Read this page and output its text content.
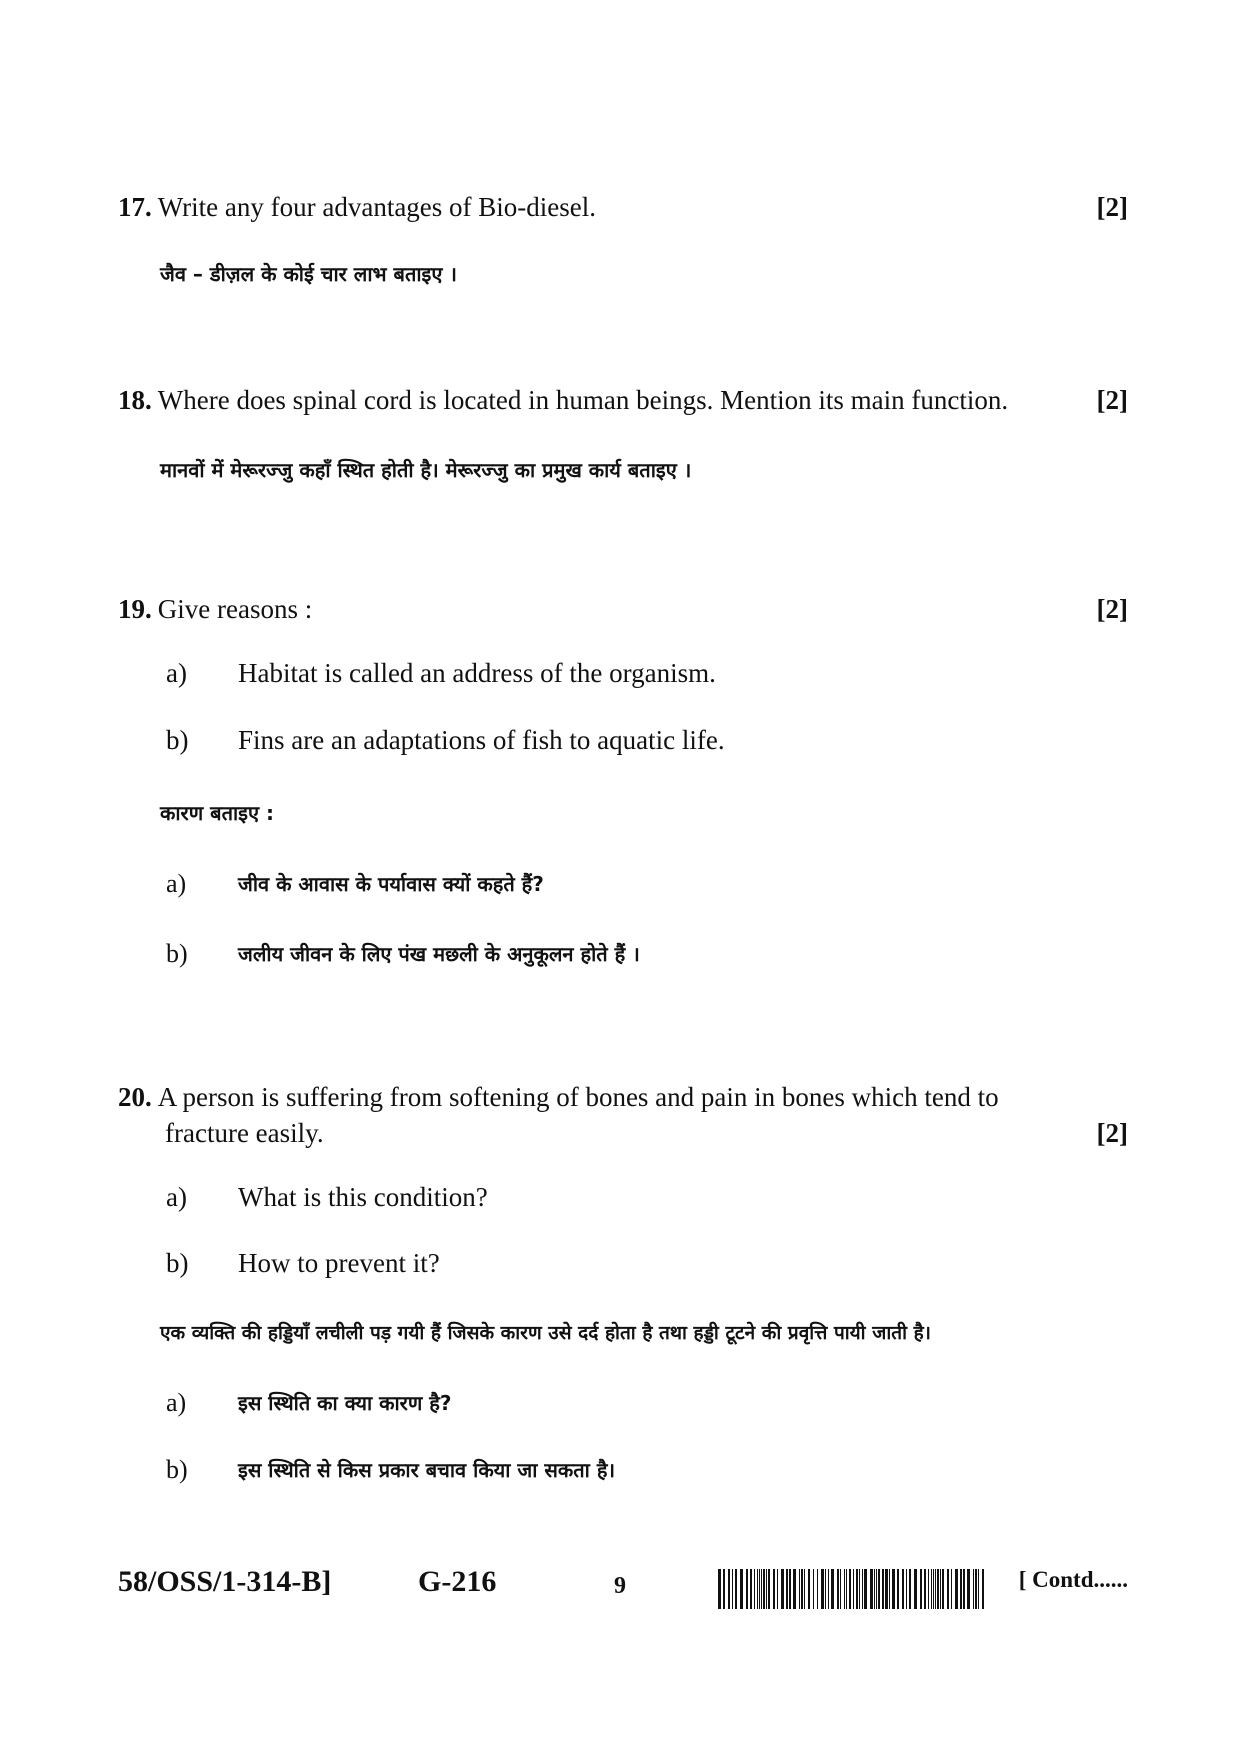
17. Write any four advantages of Bio-diesel.	[2]
जैव – डीज़ल के कोई चार लाभ बताइए ।
18. Where does spinal cord is located in human beings. Mention its main function.	[2]
मानवों में मेरूरज्जु कहाँ स्थित होती है। मेरूरज्जु का प्रमुख कार्य बताइए ।
19. Give reasons :	[2]
a)	Habitat is called an address of the organism.
b)	Fins are an adaptations of fish to aquatic life.
कारण बताइए :
a)	जीव के आवास के पर्यावास क्यों कहते हैं?
b)	जलीय जीवन के लिए पंख मछली के अनुकूलन होते हैं ।
20. A person is suffering from softening of bones and pain in bones which tend to
fracture easily.	[2]
a)	What is this condition?
b)	How to prevent it?
एक व्यक्ति की हड्डियाँ लचीली पड़ गयी हैं जिसके कारण उसे दर्द होता है तथा हड्डी टूटने की प्रवृत्ति पायी जाती है।
a)	इस स्थिति का क्या कारण है?
b)	इस स्थिति से किस प्रकार बचाव किया जा सकता है।
58/OSS/1-314-B]	G-216	9	[ Contd......
